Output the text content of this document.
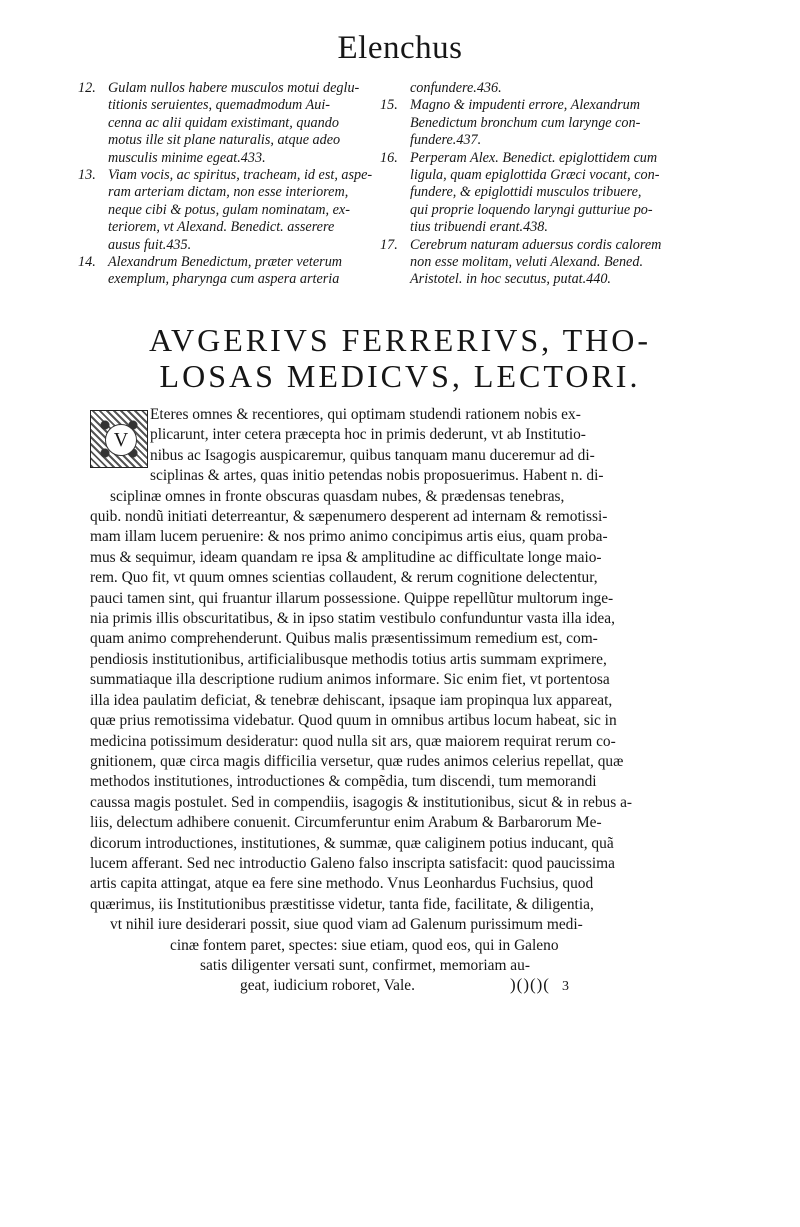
Elenchus
12. Gulam nullos habere musculos motui deglu-
titionis seruientes, quemadmodum Aui-
cenna ac alii quidam existimant, quando
motus ille sit plane naturalis, atque adeo
musculis minime egeat.433.
13. Viam vocis, ac spiritus, tracheam, id est, aspe-
ram arteriam dictam, non esse interiorem,
neque cibi & potus, gulam nominatam, ex-
teriorem, vt Alexand. Benedict. asserere
ausus fuit.435.
14. Alexandrum Benedictum, præter veterum
exemplum, pharynga cum aspera arteria
confundere.436.
15. Magno & impudenti errore, Alexandrum
Benedictum bronchum cum larynge con-
fundere.437.
16. Perperam Alex. Benedict. epiglottidem cum
ligula, quam epiglottida Græci vocant, con-
fundere, & epiglottidi musculos tribuere,
qui proprie loquendo laryngi gutturiue po-
tius tribuendi erant.438.
17. Cerebrum naturam aduersus cordis calorem
non esse molitam, veluti Alexand. Bened.
Aristotel. in hoc secutus, putat.440.
AVGERIVS FERRERIVS, THO-
LOSAS MEDICVS, LECTORI.
V
Eteres omnes & recentiores, qui optimam studendi rationem nobis ex-
plicarunt, inter cetera præcepta hoc in primis dederunt, vt ab Institutio-
nibus ac Isagogis auspicaremur, quibus tanquam manu duceremur ad di-
sciplinas & artes, quas initio petendas nobis proposuerimus. Habent n. di-
sciplinæ omnes in fronte obscuras quasdam nubes, & prædensas tenebras,
quib. nondũ initiati deterreantur, & sæpenumero desperent ad internam & remotissi-
mam illam lucem peruenire: & nos primo animo concipimus artis eius, quam proba-
mus & sequimur, ideam quandam re ipsa & amplitudine ac difficultate longe maio-
rem. Quo fit, vt quum omnes scientias collaudent, & rerum cognitione delectentur,
pauci tamen sint, qui fruantur illarum possessione. Quippe repellũtur multorum inge-
nia primis illis obscuritatibus, & in ipso statim vestibulo confunduntur vasta illa idea,
quam animo comprehenderunt. Quibus malis præsentissimum remedium est, com-
pendiosis institutionibus, artificialibusque methodis totius artis summam exprimere,
summatiaque illa descriptione rudium animos informare. Sic enim fiet, vt portentosa
illa idea paulatim deficiat, & tenebræ dehiscant, ipsaque iam propinqua lux appareat,
quæ prius remotissima videbatur. Quod quum in omnibus artibus locum habeat, sic in
medicina potissimum desideratur: quod nulla sit ars, quæ maiorem requirat rerum co-
gnitionem, quæ circa magis difficilia versetur, quæ rudes animos celerius repellat, quæ
methodos institutiones, introductiones & compẽdia, tum discendi, tum memorandi
caussa magis postulet. Sed in compendiis, isagogis & institutionibus, sicut & in rebus a-
liis, delectum adhibere conuenit. Circumferuntur enim Arabum & Barbarorum Me-
dicorum introductiones, institutiones, & summæ, quæ caliginem potius inducant, quã
lucem afferant. Sed nec introductio Galeno falso inscripta satisfacit: quod paucissima
artis capita attingat, atque ea fere sine methodo. Vnus Leonhardus Fuchsius, quod
quærimus, iis Institutionibus præstitisse videtur, tanta fide, facilitate, & diligentia,
vt nihil iure desiderari possit, siue quod viam ad Galenum purissimum medi-
cinæ fontem paret, spectes: siue etiam, quod eos, qui in Galeno
satis diligenter versati sunt, confirmet, memoriam au-
geat, iudicium roboret, Vale.	)()()( 3
